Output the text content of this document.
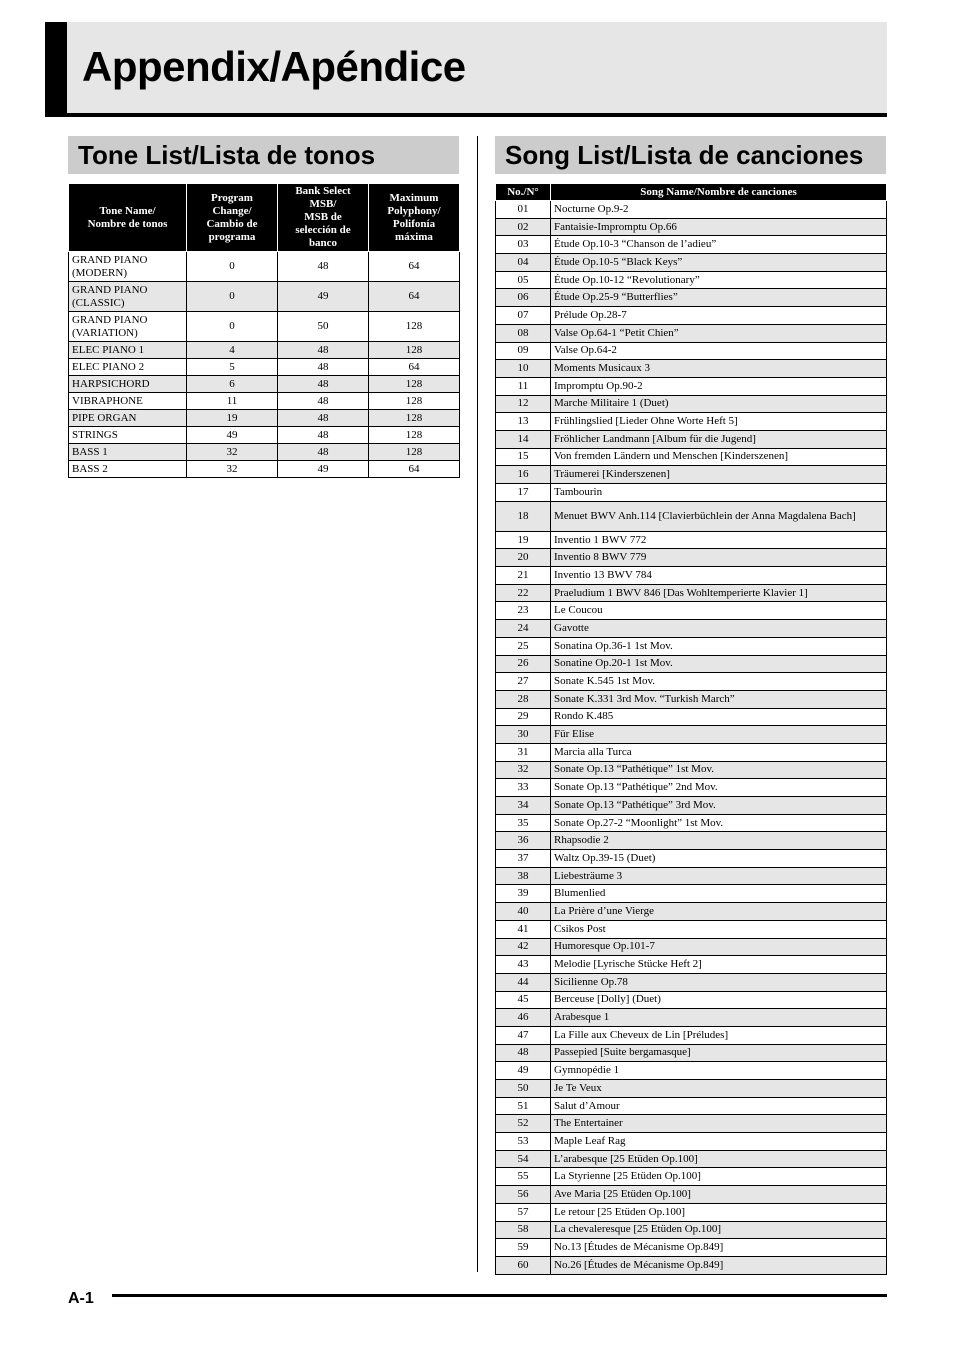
Appendix/Apéndice
Tone List/Lista de tonos	Song List/Lista de canciones
Tone Name/
Nombre de tonos	Program
Change/
Cambio de
programa	Bank Select
MSB/
MSB de
selección de
banco	Maximum
Polyphony/
Polifonía
máxima
GRAND PIANO
(MODERN)	0	48	64
GRAND PIANO
(CLASSIC)	0	49	64
GRAND PIANO
(VARIATION)	0	50	128
ELEC PIANO 1	4	48	128
ELEC PIANO 2	5	48	64
HARPSICHORD	6	48	128
VIBRAPHONE	11	48	128
PIPE ORGAN	19	48	128
STRINGS	49	48	128
BASS 1	32	48	128
BASS 2	32	49	64
No./N°	Song Name/Nombre de canciones
01	Nocturne Op.9-2
02	Fantaisie-Impromptu Op.66
03	Étude Op.10-3 “Chanson de l’adieu”
04	Étude Op.10-5 “Black Keys”
05	Étude Op.10-12 “Revolutionary”
06	Étude Op.25-9 “Butterflies”
07	Prélude Op.28-7
08	Valse Op.64-1 “Petit Chien”
09	Valse Op.64-2
10	Moments Musicaux 3
11	Impromptu Op.90-2
12	Marche Militaire 1 (Duet)
13	Frühlingslied [Lieder Ohne Worte Heft 5]
14	Fröhlicher Landmann [Album für die Jugend]
15	Von fremden Ländern und Menschen [Kinderszenen]
16	Träumerei [Kinderszenen]
17	Tambourin
18	Menuet BWV Anh.114 [Clavierbüchlein der Anna Magdalena Bach]
19	Inventio 1 BWV 772
20	Inventio 8 BWV 779
21	Inventio 13 BWV 784
22	Praeludium 1 BWV 846 [Das Wohltemperierte Klavier 1]
23	Le Coucou
24	Gavotte
25	Sonatina Op.36-1 1st Mov.
26	Sonatine Op.20-1 1st Mov.
27	Sonate K.545 1st Mov.
28	Sonate K.331 3rd Mov. “Turkish March”
29	Rondo K.485
30	Für Elise
31	Marcia alla Turca
32	Sonate Op.13 “Pathétique” 1st Mov.
33	Sonate Op.13 “Pathétique” 2nd Mov.
34	Sonate Op.13 “Pathétique” 3rd Mov.
35	Sonate Op.27-2 “Moonlight” 1st Mov.
36	Rhapsodie 2
37	Waltz Op.39-15 (Duet)
38	Liebesträume 3
39	Blumenlied
40	La Prière d’une Vierge
41	Csikos Post
42	Humoresque Op.101-7
43	Melodie [Lyrische Stücke Heft 2]
44	Sicilienne Op.78
45	Berceuse [Dolly] (Duet)
46	Arabesque 1
47	La Fille aux Cheveux de Lin [Préludes]
48	Passepied [Suite bergamasque]
49	Gymnopédie 1
50	Je Te Veux
51	Salut d’Amour
52	The Entertainer
53	Maple Leaf Rag
54	L’arabesque [25 Etüden Op.100]
55	La Styrienne [25 Etüden Op.100]
56	Ave Maria [25 Etüden Op.100]
57	Le retour [25 Etüden Op.100]
58	La chevaleresque [25 Etüden Op.100]
59	No.13 [Études de Mécanisme Op.849]
60	No.26 [Études de Mécanisme Op.849]
A-1
